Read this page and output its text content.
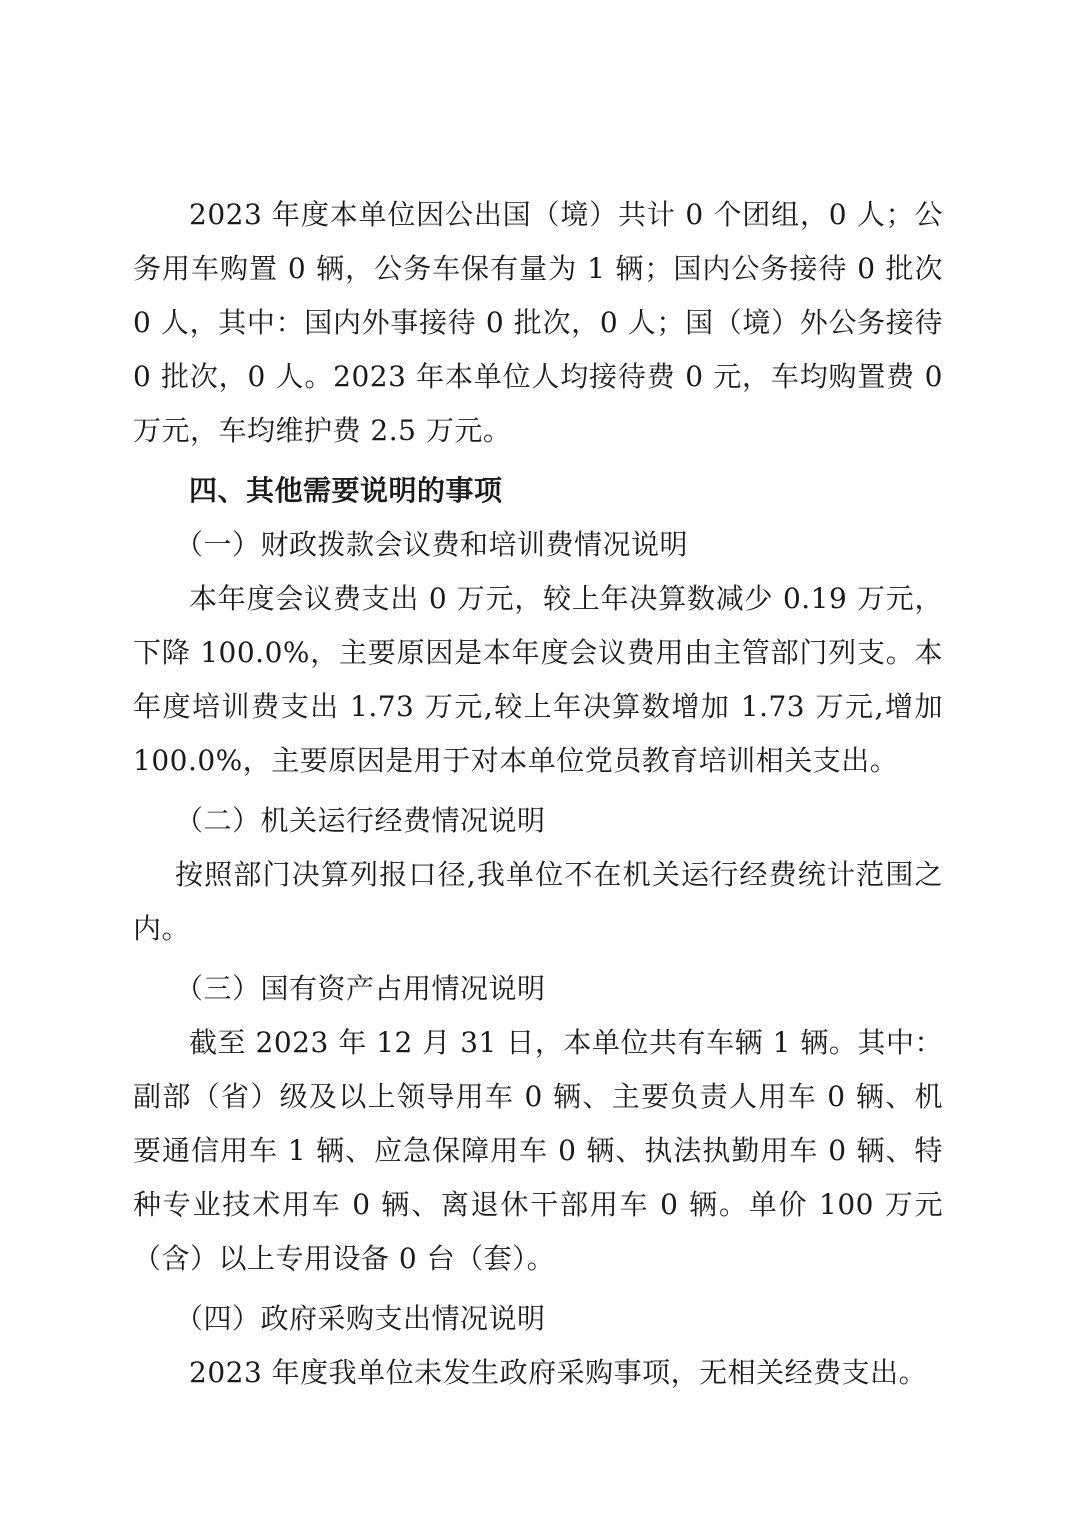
2023 年度本单位因公出国（境）共计 0 个团组，0 人；公务用车购置 0 辆，公务车保有量为 1 辆；国内公务接待 0 批次 0 人，其中：国内外事接待 0 批次，0 人；国（境）外公务接待 0 批次，0 人。2023 年本单位人均接待费 0 元，车均购置费 0 万元，车均维护费 2.5 万元。

四、其他需要说明的事项

（一）财政拨款会议费和培训费情况说明

本年度会议费支出 0 万元，较上年决算数减少 0.19 万元，下降 100.0%，主要原因是本年度会议费用由主管部门列支。本年度培训费支出 1.73 万元,较上年决算数增加 1.73 万元,增加 100.0%，主要原因是用于对本单位党员教育培训相关支出。

（二）机关运行经费情况说明

按照部门决算列报口径,我单位不在机关运行经费统计范围之内。

（三）国有资产占用情况说明

截至 2023 年 12 月 31 日，本单位共有车辆 1 辆。其中：副部（省）级及以上领导用车 0 辆、主要负责人用车 0 辆、机要通信用车 1 辆、应急保障用车 0 辆、执法执勤用车 0 辆、特种专业技术用车 0 辆、离退休干部用车 0 辆。单价 100 万元（含）以上专用设备 0 台（套）。

（四）政府采购支出情况说明

2023 年度我单位未发生政府采购事项，无相关经费支出。
